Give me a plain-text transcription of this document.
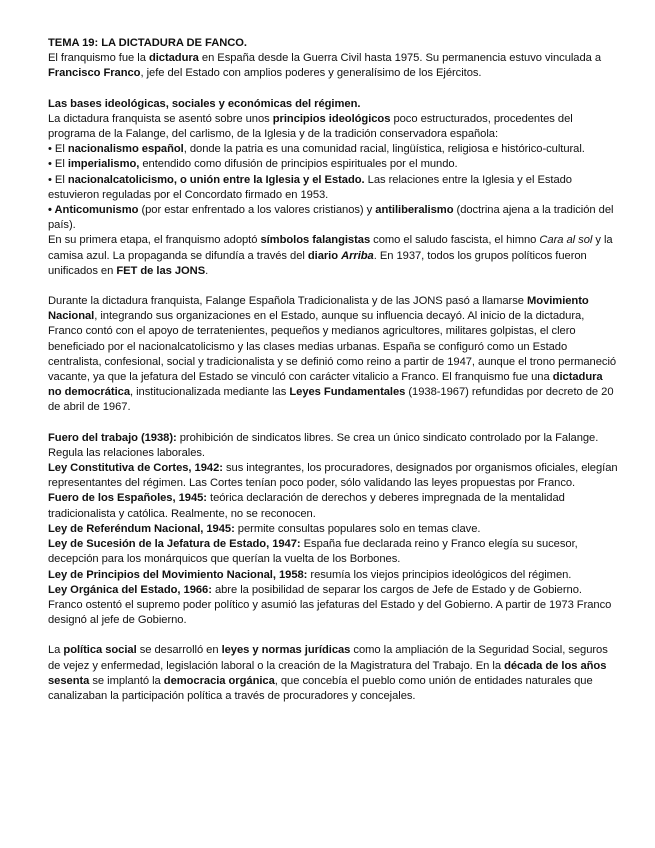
TEMA 19: LA DICTADURA DE FANCO.

El franquismo fue la dictadura en España desde la Guerra Civil hasta 1975. Su permanencia estuvo vinculada a Francisco Franco, jefe del Estado con amplios poderes y generalísimo de los Ejércitos.

Las bases ideológicas, sociales y económicas del régimen.

La dictadura franquista se asentó sobre unos principios ideológicos poco estructurados, procedentes del programa de la Falange, del carlismo, de la Iglesia y de la tradición conservadora española:

• El nacionalismo español, donde la patria es una comunidad racial, lingüística, religiosa e histórico-cultural.

• El imperialismo, entendido como difusión de principios espirituales por el mundo.

• El nacionalcatolicismo, o unión entre la Iglesia y el Estado. Las relaciones entre la Iglesia y el Estado estuvieron reguladas por el Concordato firmado en 1953.

• Anticomunismo (por estar enfrentado a los valores cristianos) y antiliberalismo (doctrina ajena a la tradición del país).

En su primera etapa, el franquismo adoptó símbolos falangistas como el saludo fascista, el himno Cara al sol y la camisa azul. La propaganda se difundía a través del diario Arriba. En 1937, todos los grupos políticos fueron unificados en FET de las JONS.

Durante la dictadura franquista, Falange Española Tradicionalista y de las JONS pasó a llamarse Movimiento Nacional, integrando sus organizaciones en el Estado, aunque su influencia decayó. Al inicio de la dictadura, Franco contó con el apoyo de terratenientes, pequeños y medianos agricultores, militares golpistas, el clero beneficiado por el nacionalcatolicismo y las clases medias urbanas. España se configuró como un Estado centralista, confesional, social y tradicionalista y se definió como reino a partir de 1947, aunque el trono permaneció vacante, ya que la jefatura del Estado se vinculó con carácter vitalicio a Franco. El franquismo fue una dictadura no democrática, institucionalizada mediante las Leyes Fundamentales (1938-1967) refundidas por decreto de 20 de abril de 1967.

Fuero del trabajo (1938): prohibición de sindicatos libres. Se crea un único sindicato controlado por la Falange. Regula las relaciones laborales.

Ley Constitutiva de Cortes, 1942: sus integrantes, los procuradores, designados por organismos oficiales, elegían representantes del régimen. Las Cortes tenían poco poder, sólo validando las leyes propuestas por Franco.

Fuero de los Españoles, 1945: teórica declaración de derechos y deberes impregnada de la mentalidad tradicionalista y católica. Realmente, no se reconocen.

Ley de Referéndum Nacional, 1945: permite consultas populares solo en temas clave.

Ley de Sucesión de la Jefatura de Estado, 1947: España fue declarada reino y Franco elegía su sucesor, decepción para los monárquicos que querían la vuelta de los Borbones.

Ley de Principios del Movimiento Nacional, 1958: resumía los viejos principios ideológicos del régimen.

Ley Orgánica del Estado, 1966: abre la posibilidad de separar los cargos de Jefe de Estado y de Gobierno. Franco ostentó el supremo poder político y asumió las jefaturas del Estado y del Gobierno. A partir de 1973 Franco designó al jefe de Gobierno.

La política social se desarrolló en leyes y normas jurídicas como la ampliación de la Seguridad Social, seguros de vejez y enfermedad, legislación laboral o la creación de la Magistratura del Trabajo. En la década de los años sesenta se implantó la democracia orgánica, que concebía el pueblo como unión de entidades naturales que canalizaban la participación política a través de procuradores y concejales.
